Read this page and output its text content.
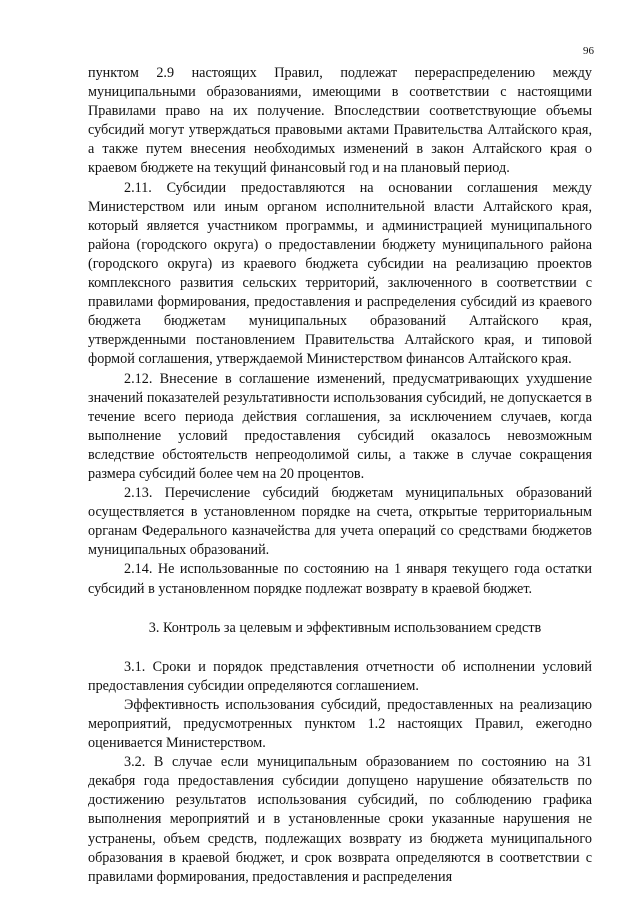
96

пунктом 2.9 настоящих Правил, подлежат перераспределению между муниципальными образованиями, имеющими в соответствии с настоящими Правилами право на их получение. Впоследствии соответствующие объемы субсидий могут утверждаться правовыми актами Правительства Алтайского края, а также путем внесения необходимых изменений в закон Алтайского края о краевом бюджете на текущий финансовый год и на плановый период.

2.11. Субсидии предоставляются на основании соглашения между Министерством или иным органом исполнительной власти Алтайского края, который является участником программы, и администрацией муниципального района (городского округа) о предоставлении бюджету муниципального района (городского округа) из краевого бюджета субсидии на реализацию проектов комплексного развития сельских территорий, заключенного в соответствии с правилами формирования, предоставления и распределения субсидий из краевого бюджета бюджетам муниципальных образований Алтайского края, утвержденными постановлением Правительства Алтайского края, и типовой формой соглашения, утверждаемой Министерством финансов Алтайского края.

2.12. Внесение в соглашение изменений, предусматривающих ухудшение значений показателей результативности использования субсидий, не допускается в течение всего периода действия соглашения, за исключением случаев, когда выполнение условий предоставления субсидий оказалось невозможным вследствие обстоятельств непреодолимой силы, а также в случае сокращения размера субсидий более чем на 20 процентов.

2.13. Перечисление субсидий бюджетам муниципальных образований осуществляется в установленном порядке на счета, открытые территориальным органам Федерального казначейства для учета операций со средствами бюджетов муниципальных образований.

2.14. Не использованные по состоянию на 1 января текущего года остатки субсидий в установленном порядке подлежат возврату в краевой бюджет.

3. Контроль за целевым и эффективным использованием средств

3.1. Сроки и порядок представления отчетности об исполнении условий предоставления субсидии определяются соглашением.

Эффективность использования субсидий, предоставленных на реализацию мероприятий, предусмотренных пунктом 1.2 настоящих Правил, ежегодно оценивается Министерством.

3.2. В случае если муниципальным образованием по состоянию на 31 декабря года предоставления субсидии допущено нарушение обязательств по достижению результатов использования субсидий, по соблюдению графика выполнения мероприятий и в установленные сроки указанные нарушения не устранены, объем средств, подлежащих возврату из бюджета муниципального образования в краевой бюджет, и срок возврата определяются в соответствии с правилами формирования, предоставления и распределения
